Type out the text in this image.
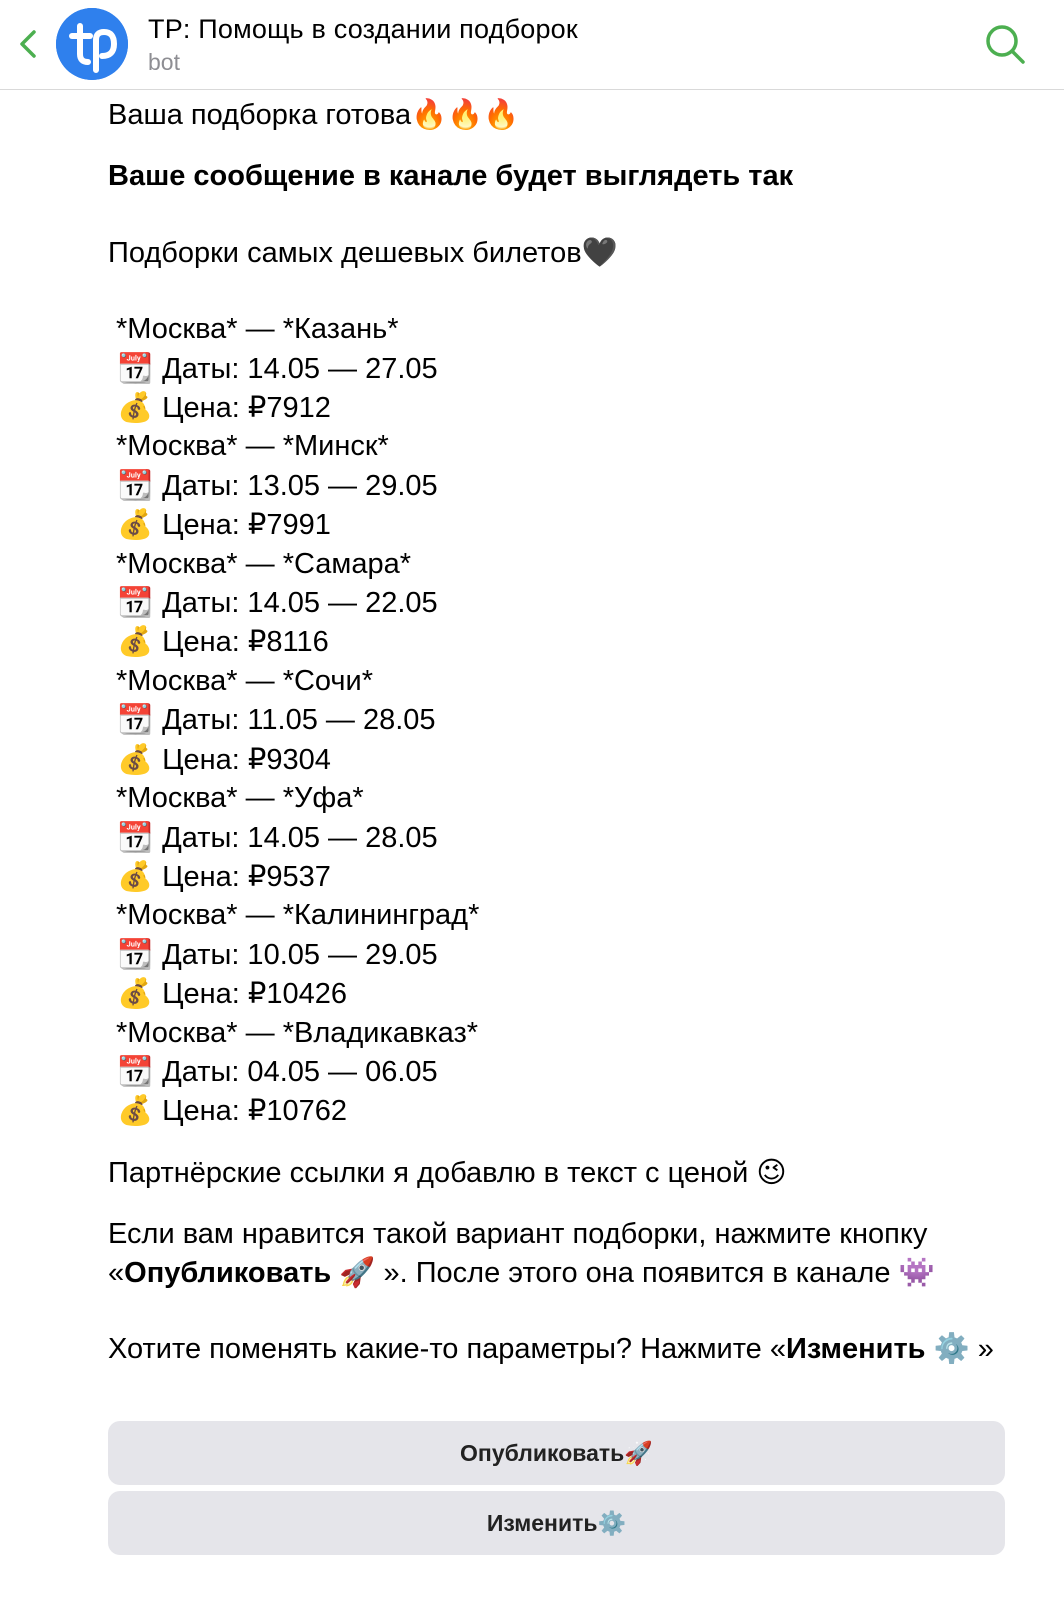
TP: Помощь в создании подборок
bot
Ваша подборка готова🔥🔥🔥
Ваше сообщение в канале будет выглядеть так
Подборки самых дешевых билетов🖤
*Москва* — *Казань*
📆 Даты: 14.05 — 27.05
💰 Цена: ₽7912
*Москва* — *Минск*
📆 Даты: 13.05 — 29.05
💰 Цена: ₽7991
*Москва* — *Самара*
📆 Даты: 14.05 — 22.05
💰 Цена: ₽8116
*Москва* — *Сочи*
📆 Даты: 11.05 — 28.05
💰 Цена: ₽9304
*Москва* — *Уфа*
📆 Даты: 14.05 — 28.05
💰 Цена: ₽9537
*Москва* — *Калининград*
📆 Даты: 10.05 — 29.05
💰 Цена: ₽10426
*Москва* — *Владикавказ*
📆 Даты: 04.05 — 06.05
💰 Цена: ₽10762
Партнёрские ссылки я добавлю в текст с ценой 😉
Если вам нравится такой вариант подборки, нажмите кнопку «Опубликовать 🚀 ». После этого она появится в канале 👾
Хотите поменять какие-то параметры? Нажмите «Изменить ⚙️ »
Опубликовать🚀
Изменить⚙️
